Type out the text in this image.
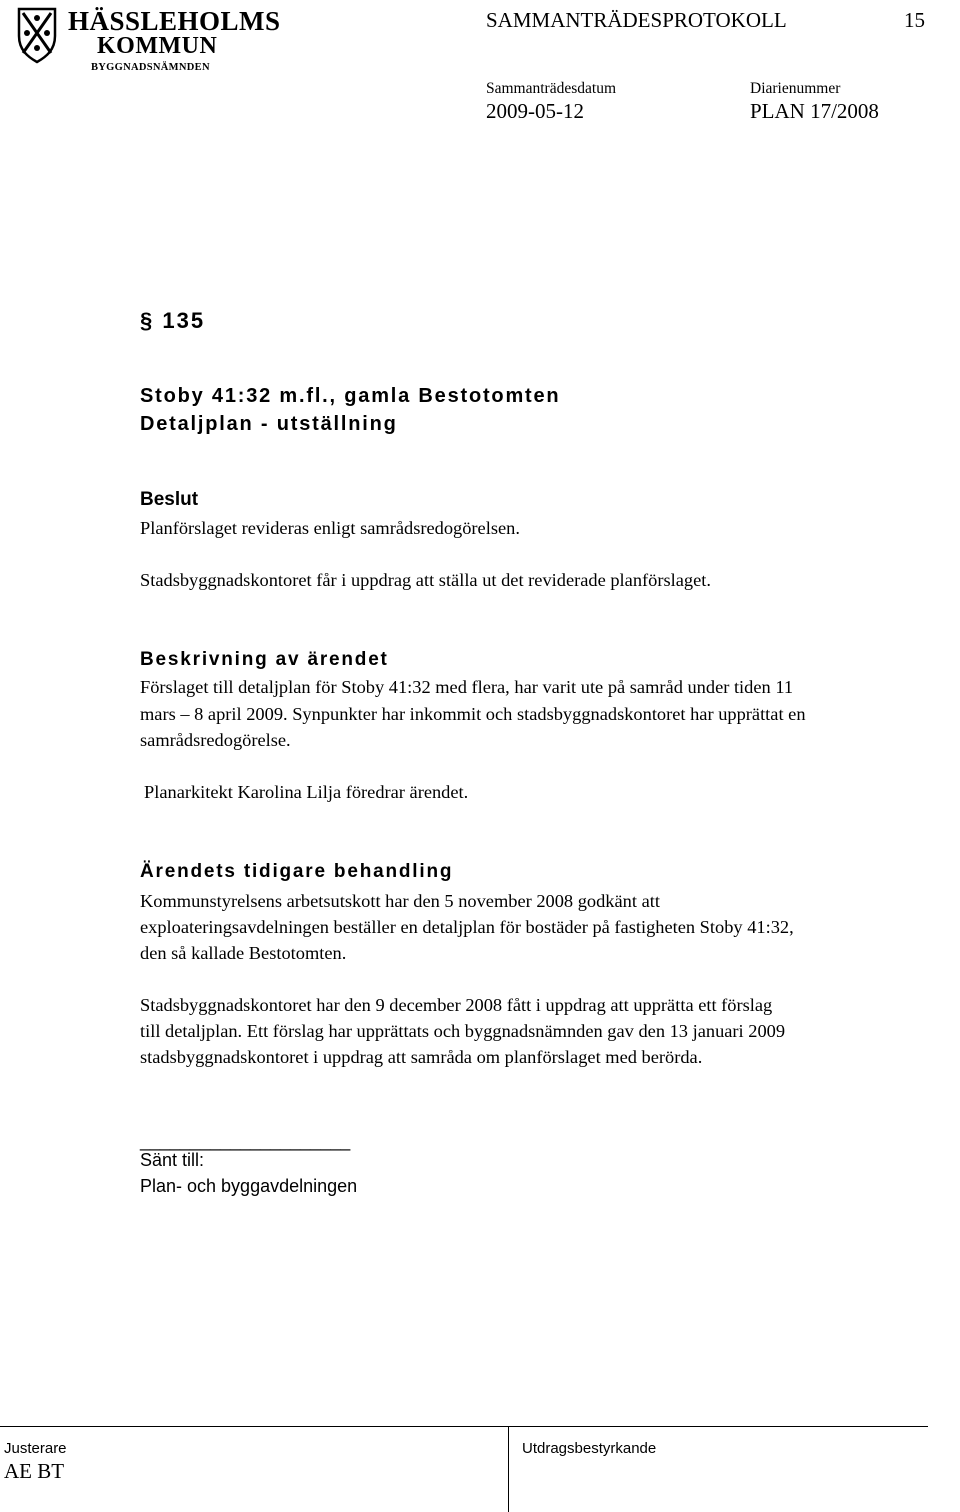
HÄSSLEHOLMS
KOMMUN
BYGGNADSNÄMNDEN
SAMMANTRÄDESPROTOKOLL	15
Sammanträdesdatum
2009-05-12
Diarienummer
PLAN 17/2008
§ 135
Stoby 41:32 m.fl., gamla Bestotomten
Detaljplan - utställning
Beslut
Planförslaget revideras enligt samrådsredogörelsen.
Stadsbyggnadskontoret får i uppdrag att ställa ut det reviderade planförslaget.
Beskrivning av ärendet
Förslaget till detaljplan för Stoby 41:32 med flera, har varit ute på samråd under tiden 11
mars – 8 april 2009. Synpunkter har inkommit och stadsbyggnadskontoret har upprättat en
samrådsredogörelse.
Planarkitekt Karolina Lilja föredrar ärendet.
Ärendets tidigare behandling
Kommunstyrelsens arbetsutskott har den 5 november 2008 godkänt att
exploateringsavdelningen beställer en detaljplan för bostäder på fastigheten Stoby 41:32,
den så kallade Bestotomten.
Stadsbyggnadskontoret har den 9 december 2008 fått i uppdrag att upprätta ett förslag
till detaljplan. Ett förslag har upprättats och byggnadsnämnden gav den 13 januari 2009
stadsbyggnadskontoret i uppdrag att samråda om planförslaget med berörda.
_____________________
Sänt till:
Plan- och byggavdelningen
Justerare
AE BT
Utdragsbestyrkande
